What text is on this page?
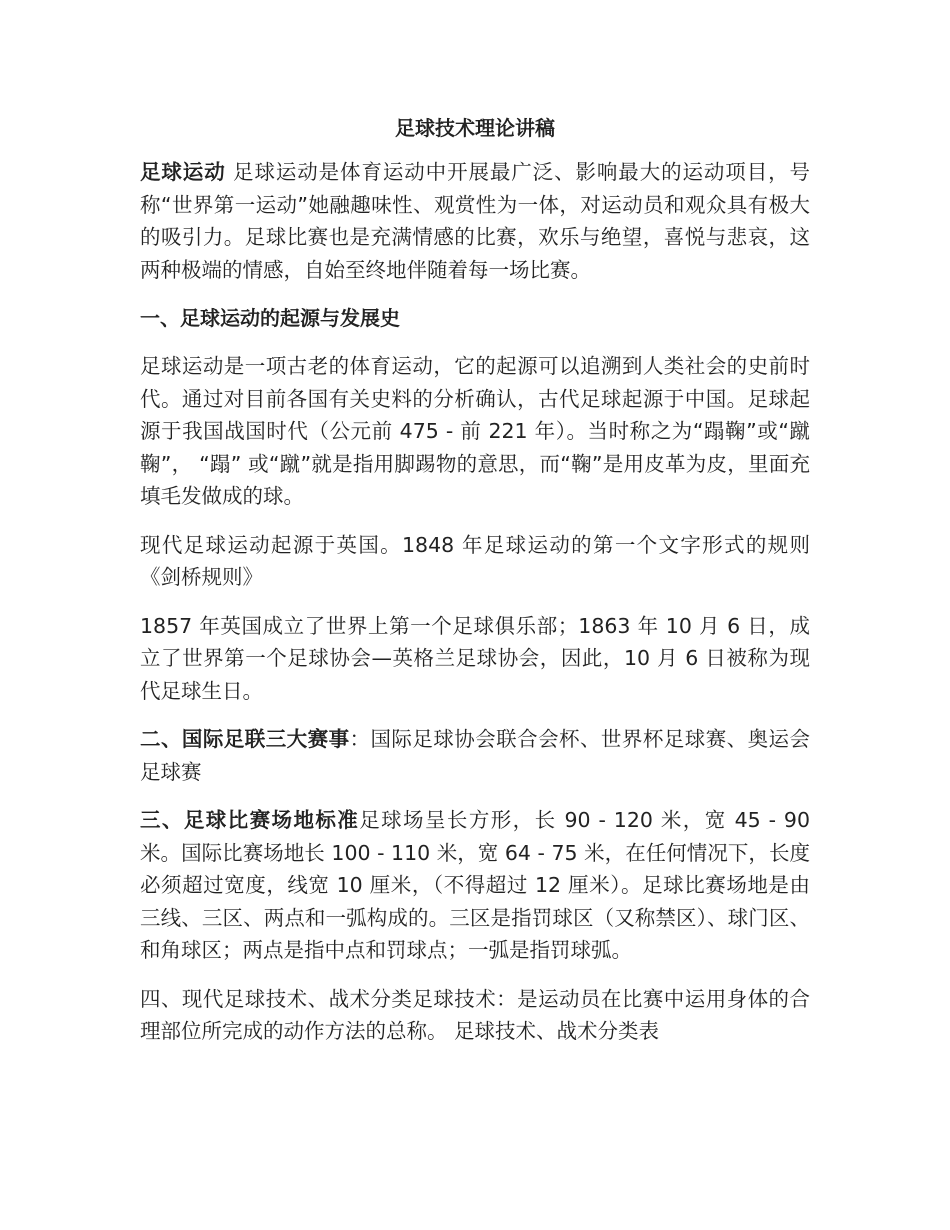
足球技术理论讲稿

足球运动 足球运动是体育运动中开展最广泛、影响最大的运动项目，号称“世界第一运动”她融趣味性、观赏性为一体，对运动员和观众具有极大的吸引力。足球比赛也是充满情感的比赛，欢乐与绝望，喜悦与悲哀，这两种极端的情感，自始至终地伴随着每一场比赛。

一、足球运动的起源与发展史

足球运动是一项古老的体育运动，它的起源可以追溯到人类社会的史前时代。通过对目前各国有关史料的分析确认，古代足球起源于中国。足球起源于我国战国时代（公元前 475 - 前 221 年）。当时称之为“蹋鞠”或“蹴鞠”， “蹋” 或“蹴”就是指用脚踢物的意思，而“鞠”是用皮革为皮，里面充填毛发做成的球。

现代足球运动起源于英国。1848 年足球运动的第一个文字形式的规则《剑桥规则》

1857 年英国成立了世界上第一个足球俱乐部；1863 年 10 月 6 日，成立了世界第一个足球协会—英格兰足球协会，因此，10 月 6 日被称为现代足球生日。

二、国际足联三大赛事：国际足球协会联合会杯、世界杯足球赛、奥运会足球赛

三、足球比赛场地标准足球场呈长方形，长 90 - 120 米，宽 45 - 90 米。国际比赛场地长 100 - 110 米，宽 64 - 75 米，在任何情况下，长度必须超过宽度，线宽 10 厘米，（不得超过 12 厘米）。足球比赛场地是由三线、三区、两点和一弧构成的。三区是指罚球区（又称禁区）、球门区、和角球区；两点是指中点和罚球点；一弧是指罚球弧。

四、现代足球技术、战术分类足球技术：是运动员在比赛中运用身体的合理部位所完成的动作方法的总称。 足球技术、战术分类表
